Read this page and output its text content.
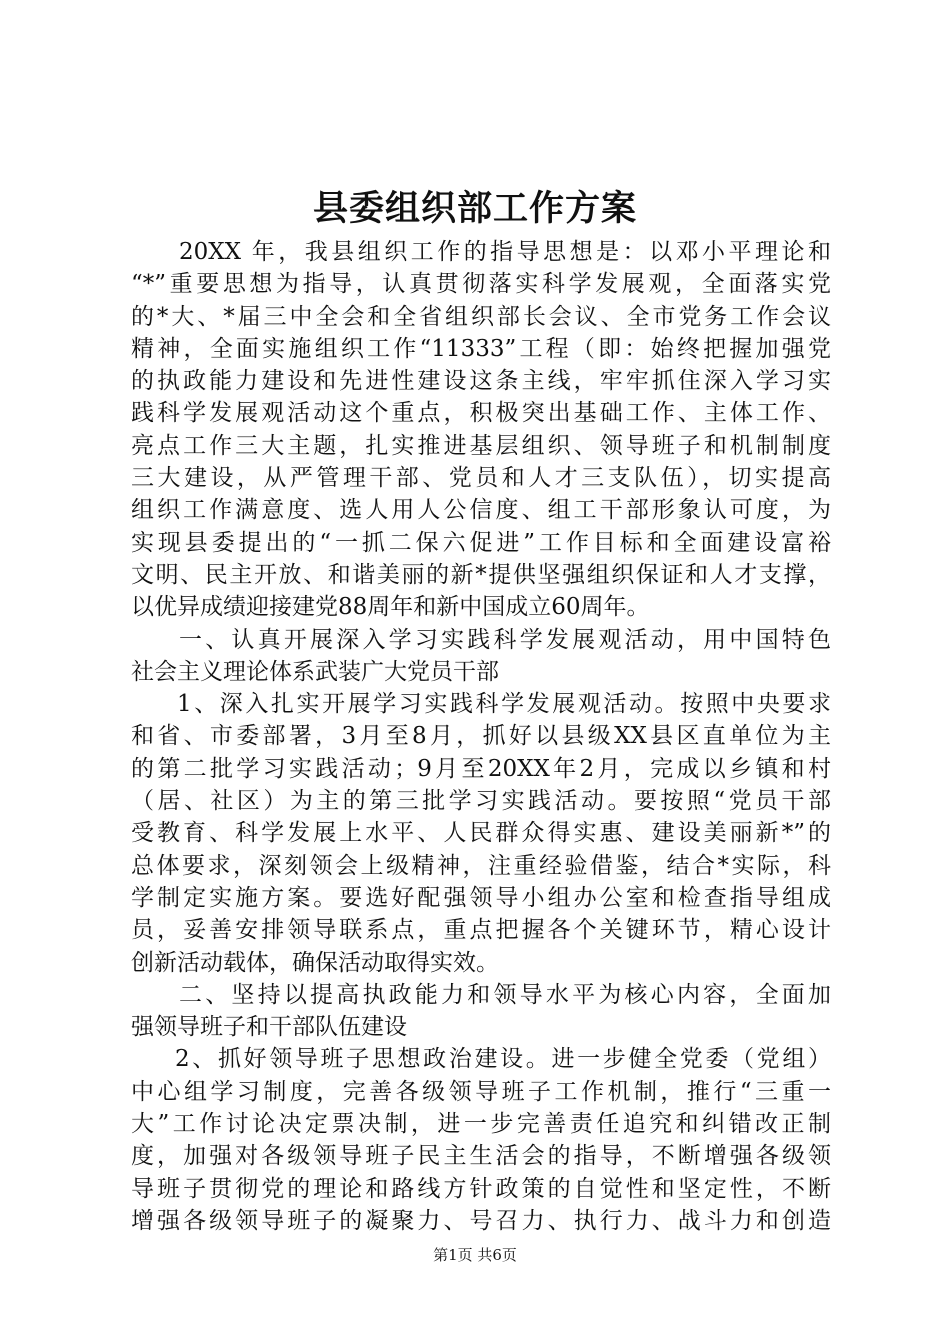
县委组织部工作方案
20XX 年，我县组织工作的指导思想是：以邓小平理论和
“*”重要思想为指导，认真贯彻落实科学发展观，全面落实党
的*大、*届三中全会和全省组织部长会议、全市党务工作会议
精神，全面实施组织工作“11333”工程（即：始终把握加强党
的执政能力建设和先进性建设这条主线，牢牢抓住深入学习实
践科学发展观活动这个重点，积极突出基础工作、主体工作、
亮点工作三大主题，扎实推进基层组织、领导班子和机制制度
三大建设，从严管理干部、党员和人才三支队伍），切实提高
组织工作满意度、选人用人公信度、组工干部形象认可度，为
实现县委提出的“一抓二保六促进”工作目标和全面建设富裕
文明、民主开放、和谐美丽的新*提供坚强组织保证和人才支撑，
以优异成绩迎接建党88周年和新中国成立60周年。
一、认真开展深入学习实践科学发展观活动，用中国特色
社会主义理论体系武装广大党员干部
1、深入扎实开展学习实践科学发展观活动。按照中央要求
和省、市委部署，3月至8月，抓好以县级XX县区直单位为主
的第二批学习实践活动；9月至20XX年2月，完成以乡镇和村
（居、社区）为主的第三批学习实践活动。要按照“党员干部
受教育、科学发展上水平、人民群众得实惠、建设美丽新*”的
总体要求，深刻领会上级精神，注重经验借鉴，结合*实际，科
学制定实施方案。要选好配强领导小组办公室和检查指导组成
员，妥善安排领导联系点，重点把握各个关键环节，精心设计
创新活动载体，确保活动取得实效。
二、坚持以提高执政能力和领导水平为核心内容，全面加
强领导班子和干部队伍建设
2、抓好领导班子思想政治建设。进一步健全党委（党组）
中心组学习制度，完善各级领导班子工作机制，推行“三重一
大”工作讨论决定票决制，进一步完善责任追究和纠错改正制
度，加强对各级领导班子民主生活会的指导，不断增强各级领
导班子贯彻党的理论和路线方针政策的自觉性和坚定性，不断
增强各级领导班子的凝聚力、号召力、执行力、战斗力和创造
第1页 共6页
